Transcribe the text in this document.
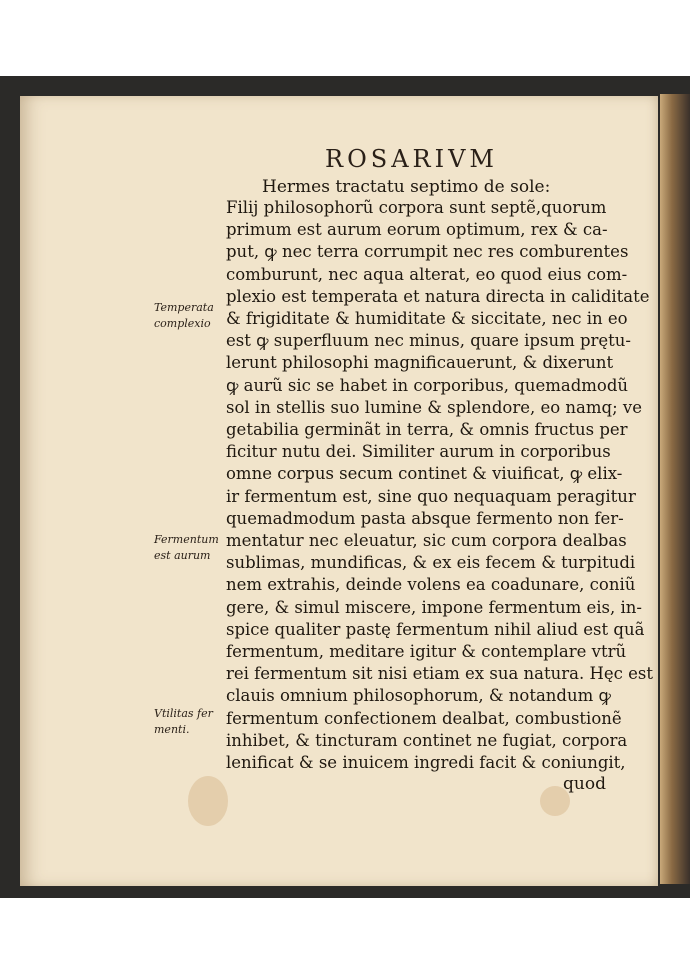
ROSARIVM
Hermes tractatu septimo de sole:
Filij philosophorũ corpora sunt septẽ,quorum
primum est aurum eorum optimum, rex & ca-
put, ꝙ nec terra corrumpit nec res comburentes
comburunt, nec aqua alterat, eo quod eius com-
plexio est temperata et natura directa in caliditate
& frigiditate & humiditate & siccitate, nec in eo
est ꝙ superfluum nec minus, quare ipsum prętu-
lerunt philosophi magnificauerunt, & dixerunt
ꝙ aurũ sic se habet in corporibus, quemadmodũ
sol in stellis suo lumine & splendore, eo namq; ve
getabilia germinãt in terra, & omnis fructus per
ficitur nutu dei. Similiter aurum in corporibus
omne corpus secum continet & viuificat, ꝙ elix-
ir fermentum est, sine quo nequaquam peragitur
quemadmodum pasta absque fermento non fer-
mentatur nec eleuatur, sic cum corpora dealbas
sublimas, mundificas, & ex eis fecem & turpitudi
nem extrahis, deinde volens ea coadunare, coniũ
gere, & simul miscere, impone fermentum eis, in-
spice qualiter pastę fermentum nihil aliud est quã
fermentum, meditare igitur & contemplare vtrũ
rei fermentum sit nisi etiam ex sua natura. Hęc est
clauis omnium philosophorum, & notandum ꝙ
fermentum confectionem dealbat, combustionẽ
inhibet, & tincturam continet ne fugiat, corpora
lenificat & se inuicem ingredi facit & coniungit,
quod
Temperata
complexio
Fermentum
est aurum
Vtilitas fer
menti.
